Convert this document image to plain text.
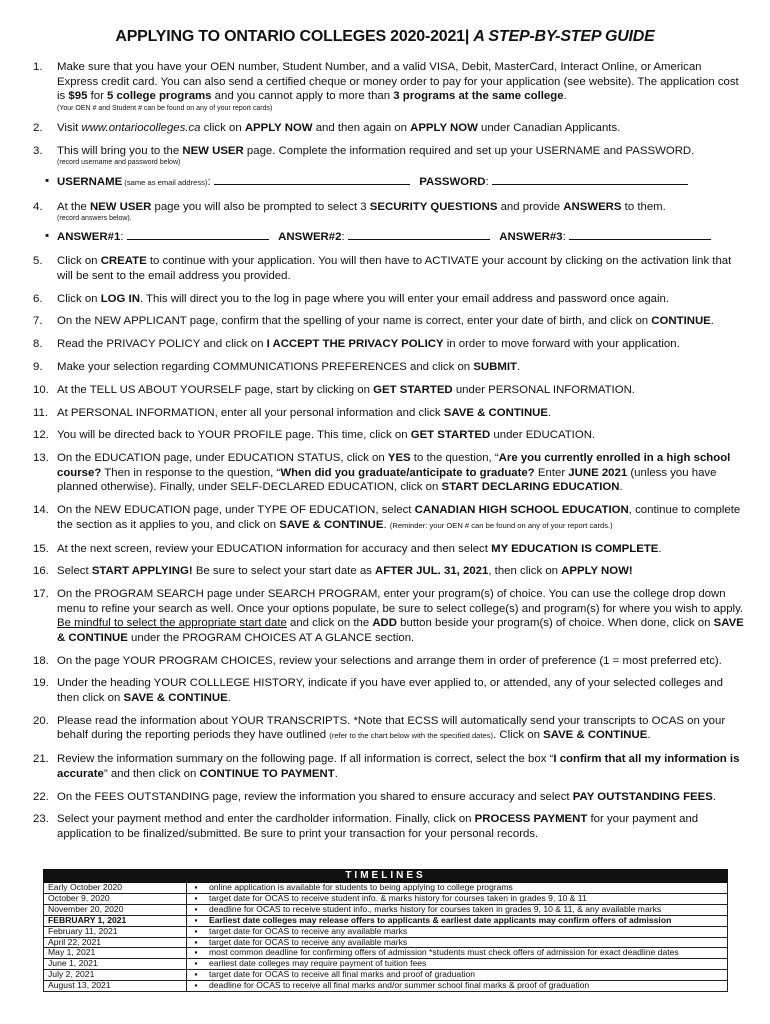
APPLYING TO ONTARIO COLLEGES 2020-2021| A STEP-BY-STEP GUIDE
1.	Make sure that you have your OEN number, Student Number, and a valid VISA, Debit, MasterCard, Interact Online, or American Express credit card. You can also send a certified cheque or money order to pay for your application (see website). The application cost is $95 for 5 college programs and you cannot apply to more than 3 programs at the same college.
(Your OEN # and Student # can be found on any of your report cards)
2.	Visit www.ontariocolleges.ca click on APPLY NOW and then again on APPLY NOW under Canadian Applicants.
3.	This will bring you to the NEW USER page. Complete the information required and set up your USERNAME and PASSWORD.
(record username and password below)
▪ USERNAME (same as email address):	PASSWORD:
4.	At the NEW USER page you will also be prompted to select 3 SECURITY QUESTIONS and provide ANSWERS to them.
(record answers below).
▪ ANSWER#1:	ANSWER#2:	ANSWER#3:
5.	Click on CREATE to continue with your application. You will then have to ACTIVATE your account by clicking on the activation link that will be sent to the email address you provided.
6.	Click on LOG IN. This will direct you to the log in page where you will enter your email address and password once again.
7.	On the NEW APPLICANT page, confirm that the spelling of your name is correct, enter your date of birth, and click on CONTINUE.
8.	Read the PRIVACY POLICY and click on I ACCEPT THE PRIVACY POLICY in order to move forward with your application.
9.	Make your selection regarding COMMUNICATIONS PREFERENCES and click on SUBMIT.
10. At the TELL US ABOUT YOURSELF page, start by clicking on GET STARTED under PERSONAL INFORMATION.
11. At PERSONAL INFORMATION, enter all your personal information and click SAVE & CONTINUE.
12. You will be directed back to YOUR PROFILE page. This time, click on GET STARTED under EDUCATION.
13. On the EDUCATION page, under EDUCATION STATUS, click on YES to the question, “Are you currently enrolled in a high school course? Then in response to the question, “When did you graduate/anticipate to graduate? Enter JUNE 2021 (unless you have planned otherwise). Finally, under SELF-DECLARED EDUCATION, click on START DECLARING EDUCATION.
14. On the NEW EDUCATION page, under TYPE OF EDUCATION, select CANADIAN HIGH SCHOOL EDUCATION, continue to complete the section as it applies to you, and click on SAVE & CONTINUE. (Reminder: your OEN # can be found on any of your report cards.)
15. At the next screen, review your EDUCATION information for accuracy and then select MY EDUCATION IS COMPLETE.
16. Select START APPLYING! Be sure to select your start date as AFTER JUL. 31, 2021, then click on APPLY NOW!
17. On the PROGRAM SEARCH page under SEARCH PROGRAM, enter your program(s) of choice. You can use the college drop down menu to refine your search as well. Once your options populate, be sure to select college(s) and program(s) for where you wish to apply. Be mindful to select the appropriate start date and click on the ADD button beside your program(s) of choice. When done, click on SAVE & CONTINUE under the PROGRAM CHOICES AT A GLANCE section.
18. On the page YOUR PROGRAM CHOICES, review your selections and arrange them in order of preference (1 = most preferred etc).
19. Under the heading YOUR COLLLEGE HISTORY, indicate if you have ever applied to, or attended, any of your selected colleges and then click on SAVE & CONTINUE.
20. Please read the information about YOUR TRANSCRIPTS. *Note that ECSS will automatically send your transcripts to OCAS on your behalf during the reporting periods they have outlined (refer to the chart below with the specified dates). Click on SAVE & CONTINUE.
21. Review the information summary on the following page. If all information is correct, select the box “I confirm that all my information is accurate” and then click on CONTINUE TO PAYMENT.
22. On the FEES OUTSTANDING page, review the information you shared to ensure accuracy and select PAY OUTSTANDING FEES.
23. Select your payment method and enter the cardholder information. Finally, click on PROCESS PAYMENT for your payment and application to be finalized/submitted. Be sure to print your transaction for your personal records.
TIMELINES		
Early October 2020	▪	online application is available for students to being applying to college programs
October 9, 2020	▪	target date for OCAS to receive student info. & marks history for courses taken in grades 9, 10 & 11
November 20, 2020	▪	deadline for OCAS to receive student info., marks history for courses taken in grades 9, 10 & 11, & any available marks
FEBRUARY 1, 2021	▪	Earliest date colleges may release offers to applicants & earliest date applicants may confirm offers of admission
February 11, 2021	▪	target date for OCAS to receive any available marks
April 22, 2021	▪	target date for OCAS to receive any available marks
May 1, 2021	▪	most common deadline for confirming offers of admission *students must check offers of admission for exact deadline dates
June 1, 2021	▪	earliest date colleges may require payment of tuition fees
July 2, 2021	▪	target date for OCAS to receive all final marks and proof of graduation
August 13, 2021	▪	deadline for OCAS to receive all final marks and/or summer school final marks & proof of graduation
